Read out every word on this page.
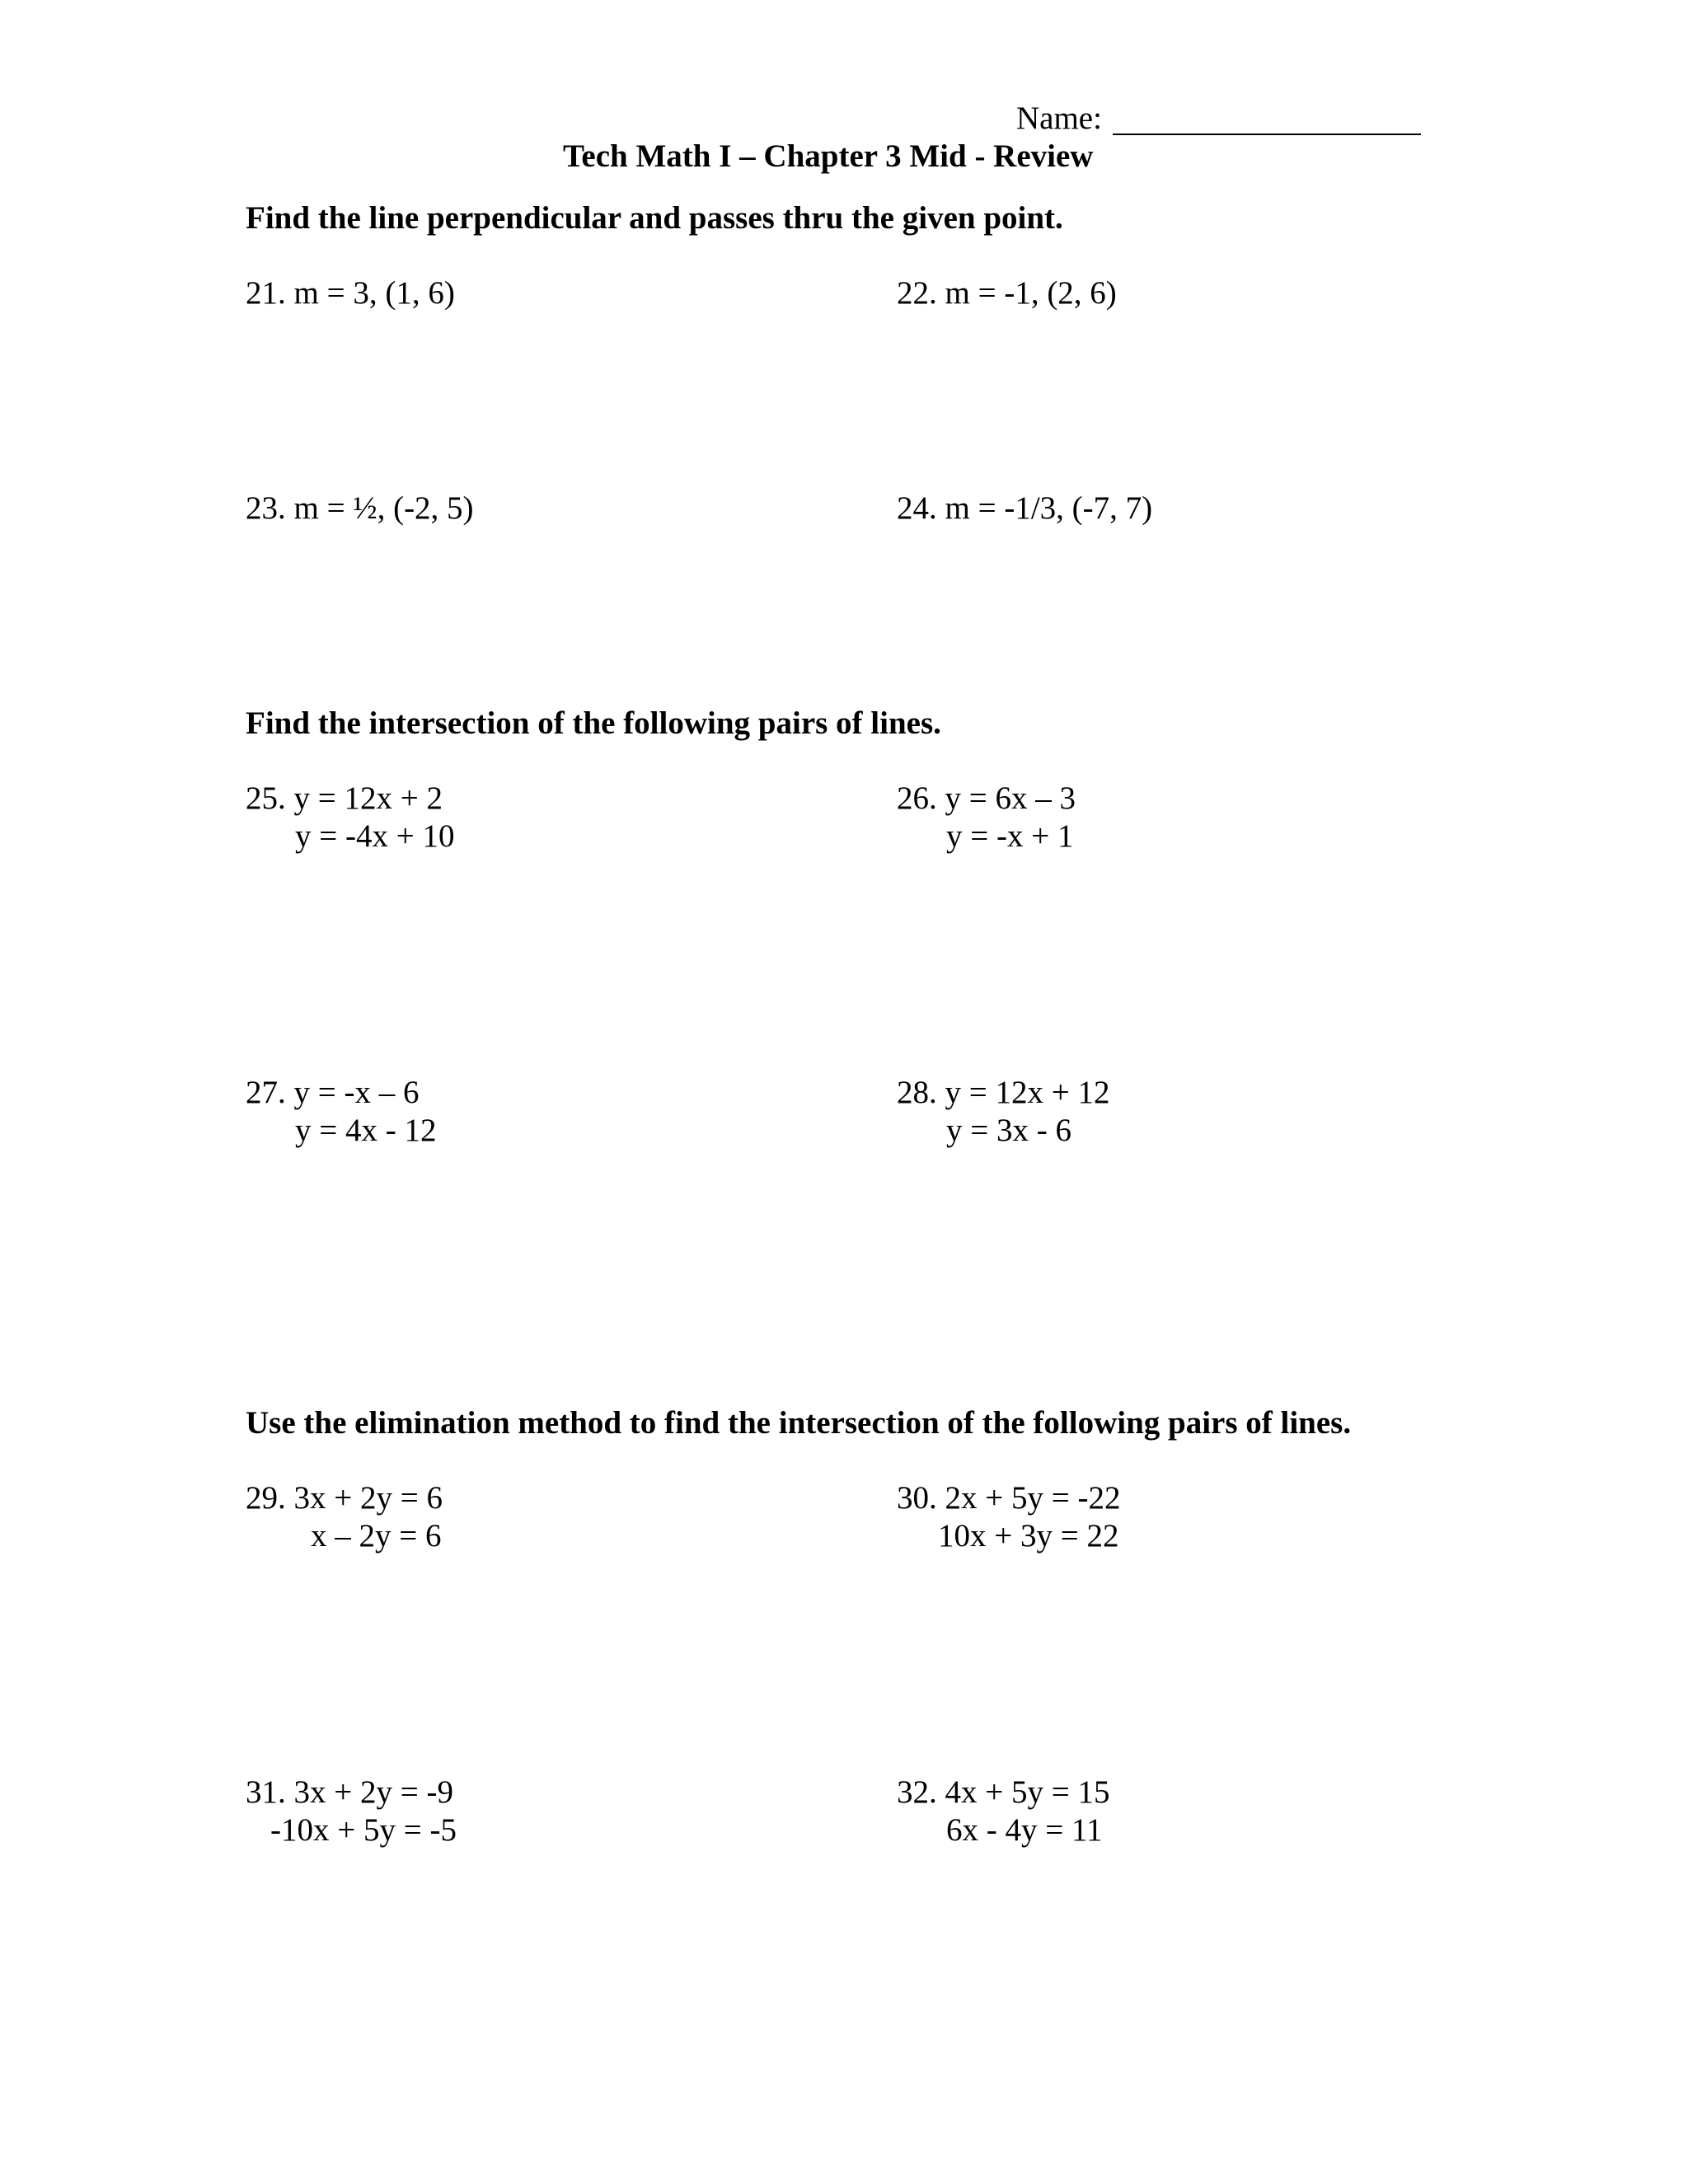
Name:
Tech Math I – Chapter 3 Mid - Review
Find the line perpendicular and passes thru the given point.
21. m = 3, (1, 6)	22. m = -1, (2, 6)
23. m = ½, (-2, 5)	24. m = -1/3, (-7, 7)
Find the intersection of the following pairs of lines.
25. y = 12x + 2
y = -4x + 10
26. y = 6x – 3
y = -x + 1
27. y = -x – 6
y = 4x - 12
28. y = 12x + 12
y = 3x - 6
Use the elimination method to find the intersection of the following pairs of lines.
29. 3x + 2y = 6
x – 2y = 6
30. 2x + 5y = -22
10x + 3y = 22
31. 3x + 2y = -9
-10x + 5y = -5
32. 4x + 5y = 15
6x - 4y = 11
